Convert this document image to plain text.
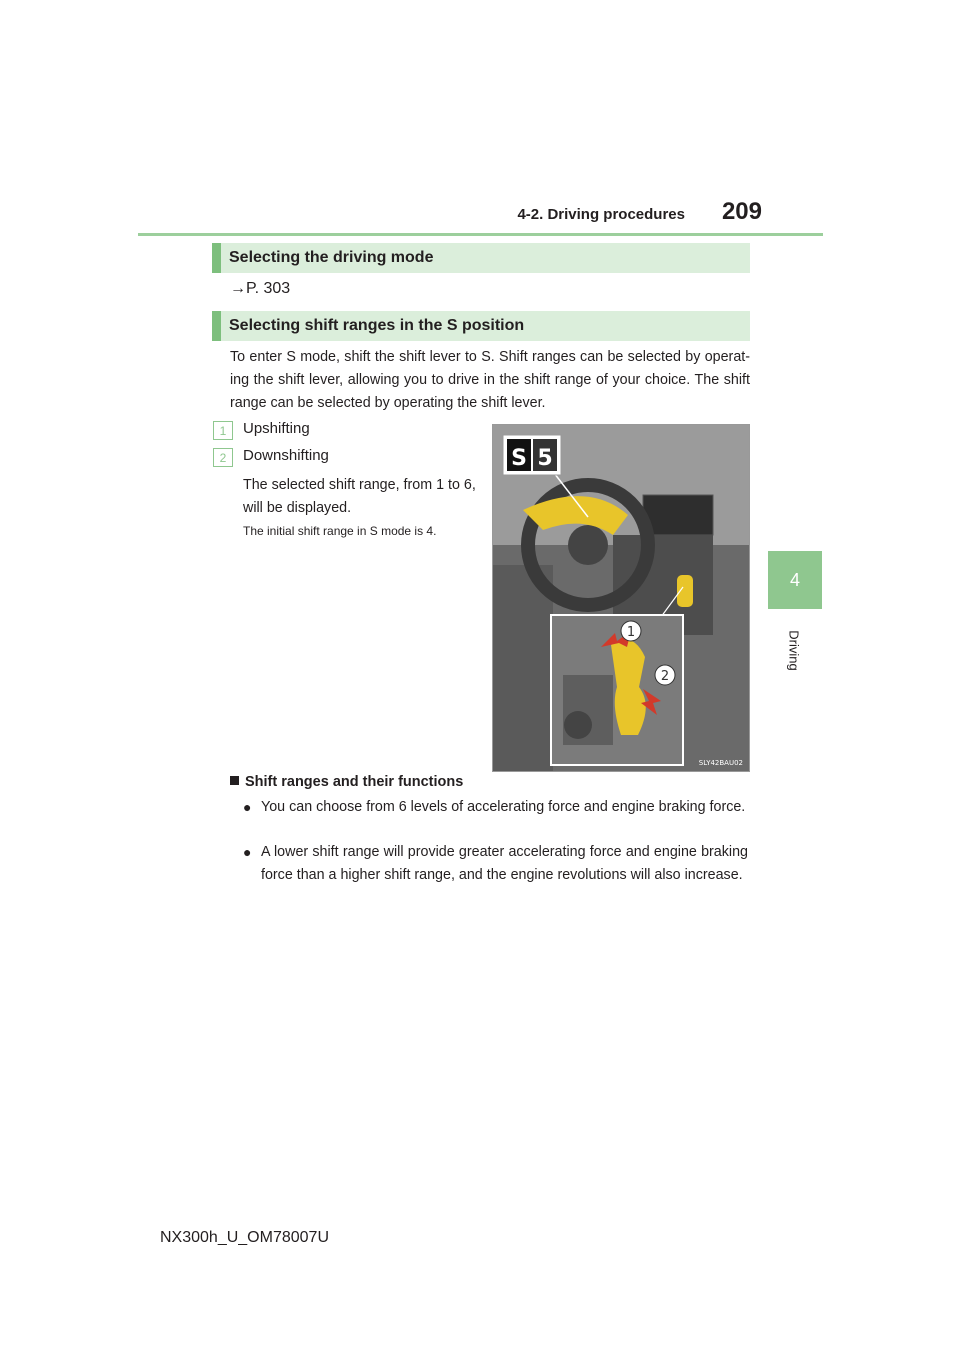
4-2. Driving procedures	209
4
Driving
Selecting the driving mode
→P. 303
Selecting shift ranges in the S position

To enter S mode, shift the shift lever to S. Shift ranges can be selected by operat-ing the shift lever, allowing you to drive in the shift range of your choice. The shift range can be selected by operating the shift lever.

1	Upshifting
2	Downshifting

The selected shift range, from 1 to 6, will be displayed.

The initial shift range in S mode is 4.
S 5
1
2
SLY42BAU02
Shift ranges and their functions
● You can choose from 6 levels of accelerating force and engine braking force.
● A lower shift range will provide greater accelerating force and engine braking force than a higher shift range, and the engine revolutions will also increase.
NX300h_U_OM78007U
